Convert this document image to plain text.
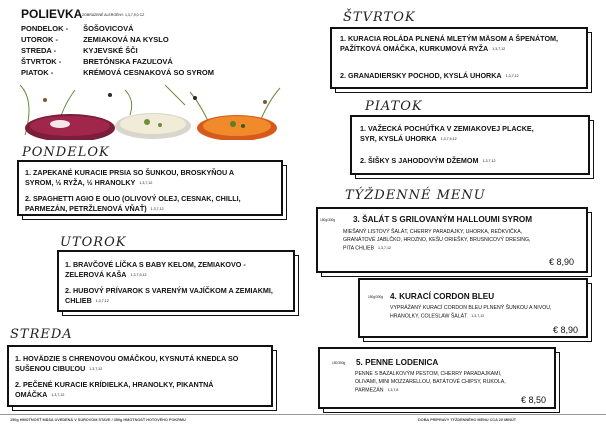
POLIEVKA ZOBRAZENÉ ALERGÉNY: 1,3,7,9,0 CZ
PONDELOK - ŠOŠOVICOVÁ
UTOROK -	ZEMIAKOVÁ NA KYSLO
STREDA -	KYJEVSKÉ ŠČI
ŠTVRTOK -	BRETÓNSKA FAZUĽOVÁ
PIATOK -	KRÉMOVÁ CESNAKOVÁ SO SYROM
PONDELOK
1. ZAPEKANÉ KURACIE PRSIA SO ŠUNKOU, BROSKYŇOU A SYROM, ½ RYŽA, ½ HRANOLKY 1,3,7,12
2. SPAGHETTI AGIO E OLIO (OLIVOVÝ OLEJ, CESNAK, CHILLI, PARMEZÁN, PETRŽLENOVÁ VŇAŤ) 1,3,7,12
UTOROK
1. BRAVČOVÉ LÍČKA S BABY KELOM, ZEMIAKOVO - ZELEROVÁ KAŠA 1,3,7,9,12
2. HUBOVÝ PRÍVAROK S VARENÝM VAJÍČKOM A ZEMIAKMI, CHLIEB 1,3,7,12
STREDA
1. HOVÄDZIE S CHRENOVOU OMÁČKOU, KYSNUTÁ KNEDĽA SO SUŠENOU CIBUĽOU 1,3,7,12
2. PEČENÉ KURACIE KRÍDIELKA, HRANOLKY, PIKANTNÁ OMÁČKA 1,3,7,12
ŠTVRTOK
1. KURACIA ROLÁDA PLNENÁ MLETÝM MÄSOM A ŠPENÁTOM, PAŽÍTKOVÁ OMÁČKA, KURKUMOVÁ RYŽA 1,3,7,12
2. GRANADIERSKY POCHOD, KYSLÁ UHORKA 1,3,7,12
PIATOK
1. VAŽECKÁ POCHÚŤKA V ZEMIAKOVEJ PLACKE, SYR, KYSLÁ UHORKA 1,3,7,9,12
2. ŠIŠKY S JAHODOVÝM DŽEMOM 1,3,7,12
TÝŽDENNÉ MENU
150g/300g 3. ŠALÁT S GRILOVANÝM HALLOUMI SYROM
MIEŠANÝ LISTOVÝ ŠALÁT, CHERRY PARADAJKY, UHORKA, REĎKVIČKA, GRANÁTOVÉ JABLČKO, HROZNO, KEŠU ORIEŠKY, BRUSNICOVÝ DRESING, PITA CHLIEB 1,3,7,12
€ 8,90
150g/300g 4. KURACÍ CORDON BLEU
VYPRÁŽANÝ KURACÍ CORDON BLEU PLNENÝ ŠUNKOU A NIVOU, HRANOLKY, COLESLAW ŠALÁT 1,3,7,12
€ 8,90
150/350g 5. PENNE LODENICA
PENNE S BAZALKOVÝM PESTOM, CHERRY PARADAJKAMI, OLIVAMI, MINI MOZZARELLOU, BATÁTOVÉ CHIPSY, RUKOLA, PARMEZÁN 1,3,7,8
€ 8,50
150g HMOTNOSŤ MÄSA UVEDENÁ V SUROVOM STAVE / 350g HMOTNOSŤ HOTOVÉHO POKRMU	DOBA PRÍPRAVY TÝŽDENNÉHO MENU CCA 20 MINÚT
